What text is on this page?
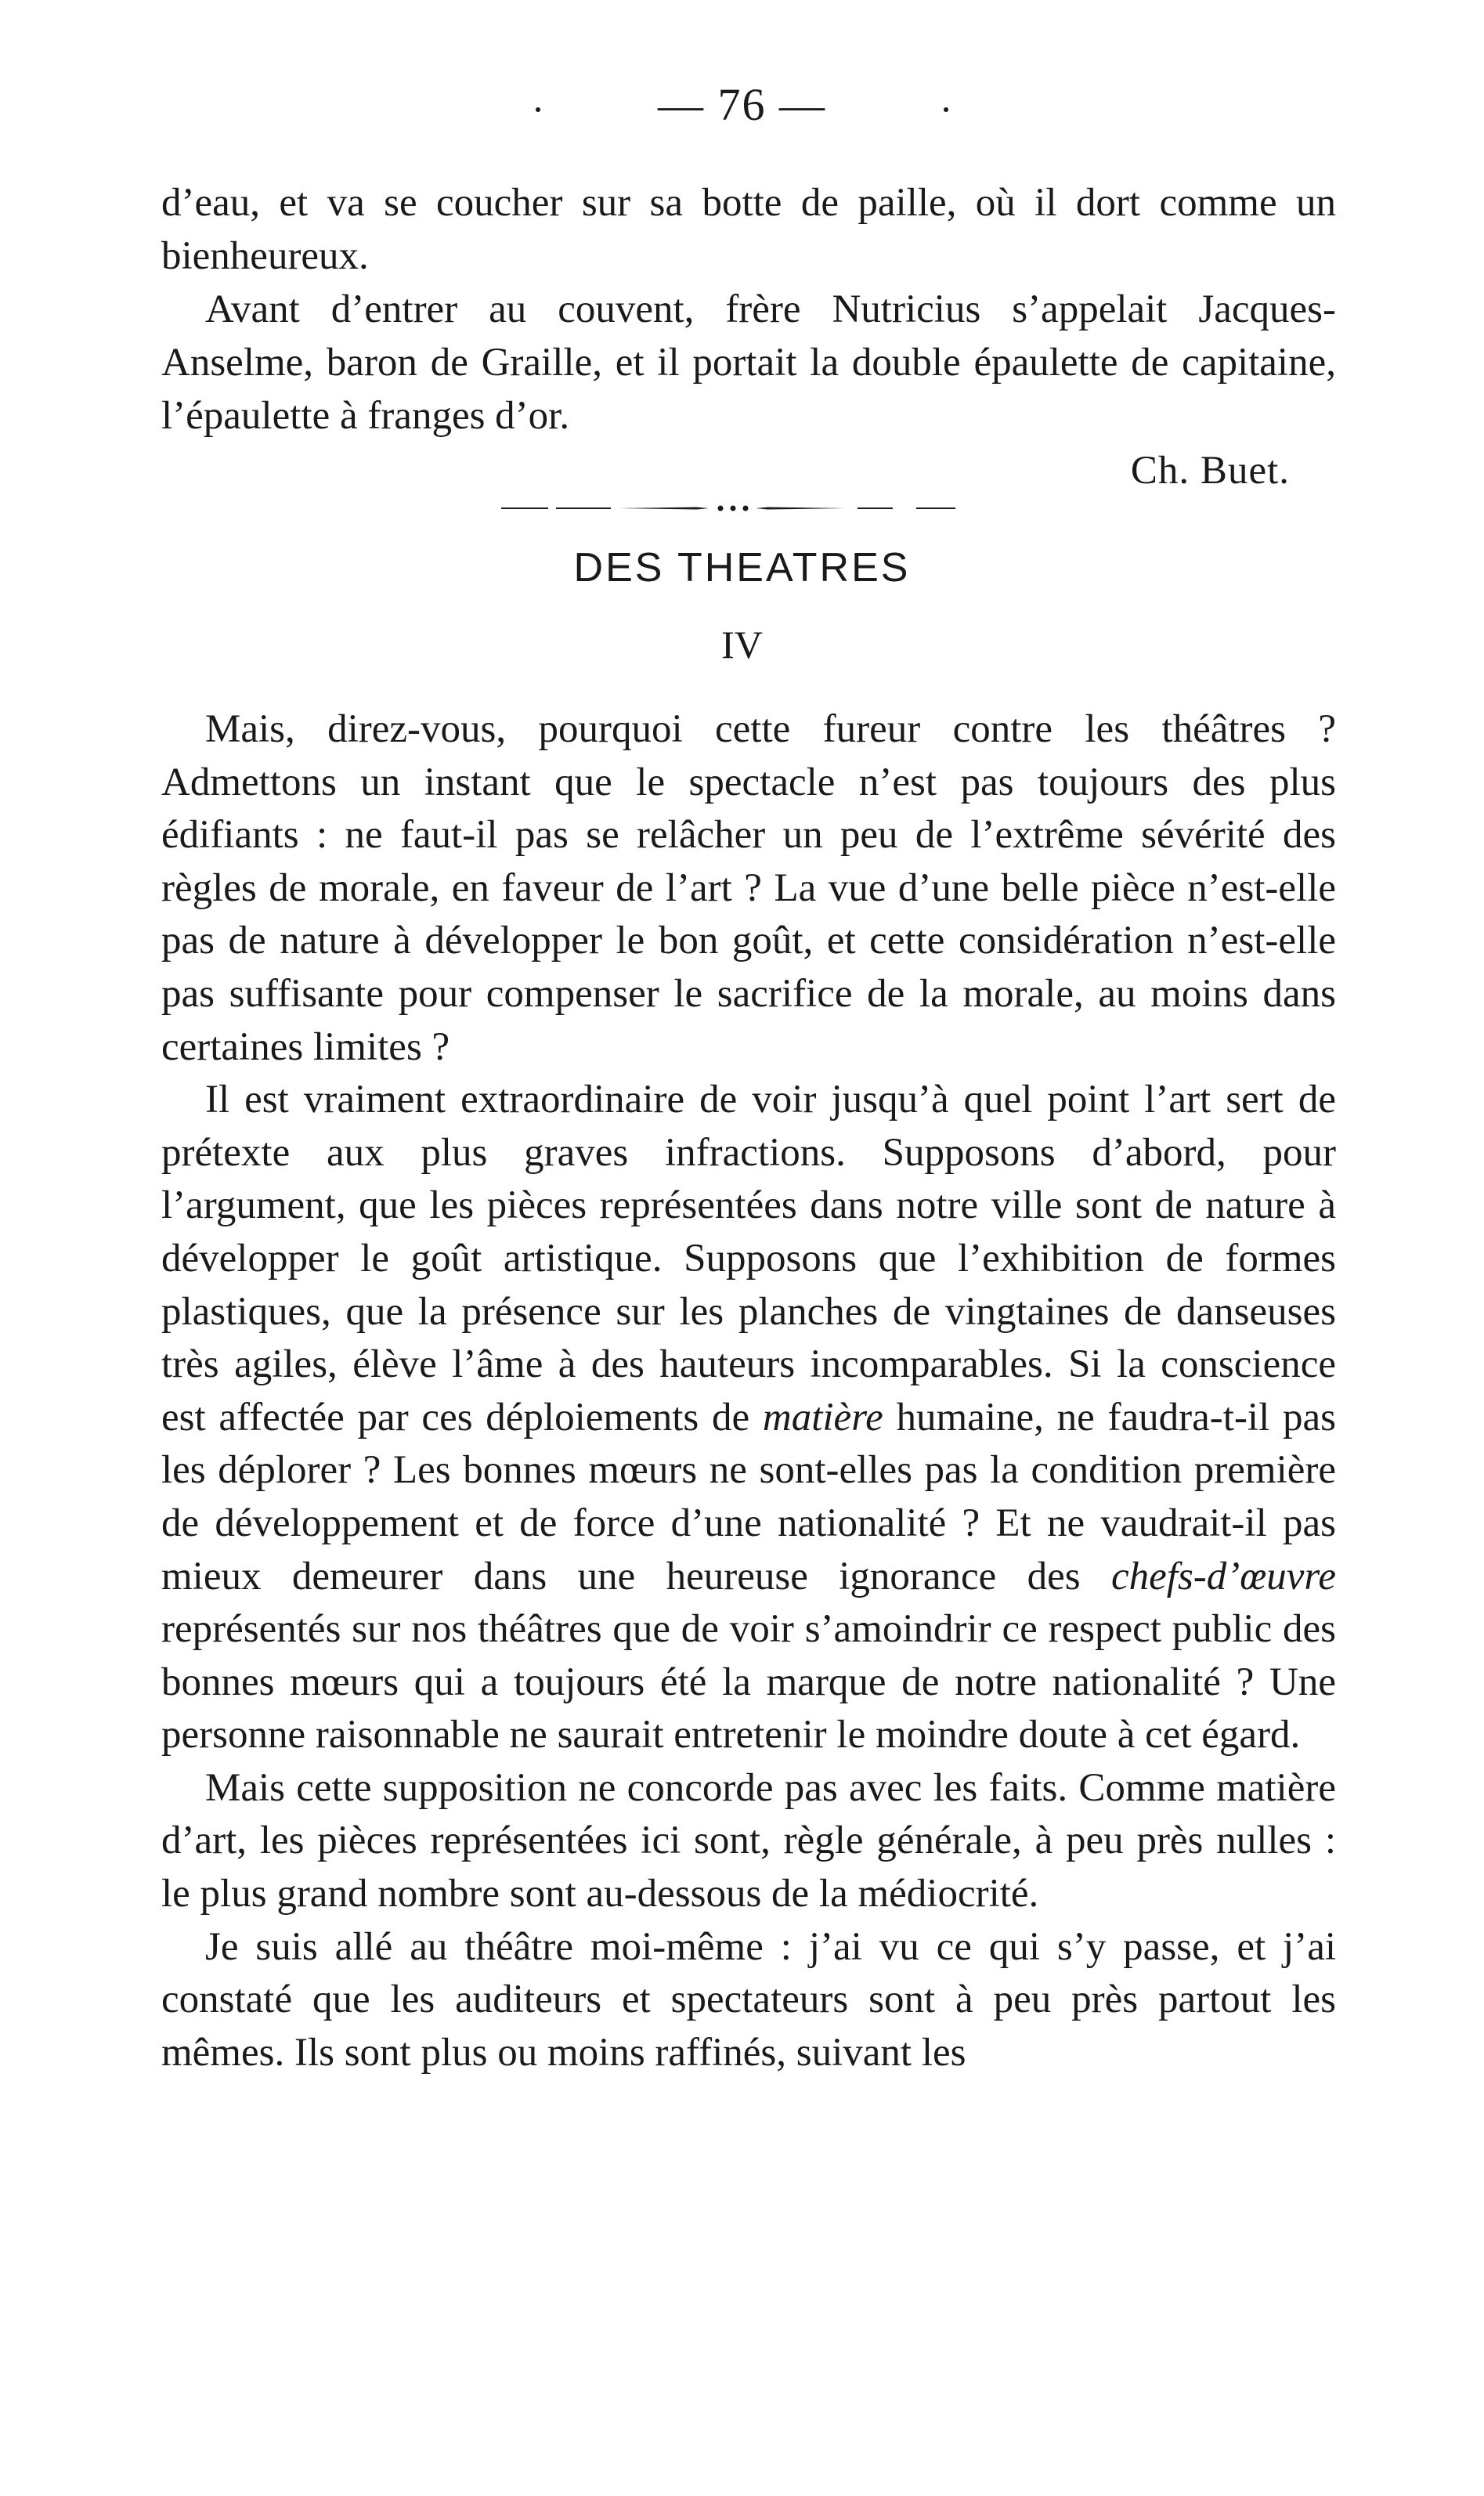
— 76 —

d’eau, et va se coucher sur sa botte de paille, où il dort comme un bienheureux.

Avant d’entrer au couvent, frère Nutricius s’appelait Jacques-Anselme, baron de Graille, et il portait la double épaulette de capitaine, l’épaulette à franges d’or.

Ch. Buet.
DES THEATRES
IV

Mais, direz-vous, pourquoi cette fureur contre les théâtres ? Admettons un instant que le spectacle n’est pas toujours des plus édifiants : ne faut-il pas se relâcher un peu de l’extrême sévérité des règles de morale, en faveur de l’art ? La vue d’une belle pièce n’est-elle pas de nature à développer le bon goût, et cette considération n’est-elle pas suffisante pour compenser le sacrifice de la morale, au moins dans certaines limites ?

Il est vraiment extraordinaire de voir jusqu’à quel point l’art sert de prétexte aux plus graves infractions. Supposons d’abord, pour l’argument, que les pièces représentées dans notre ville sont de nature à développer le goût artistique. Supposons que l’exhibition de formes plastiques, que la présence sur les planches de vingtaines de danseuses très agiles, élève l’âme à des hauteurs incomparables. Si la conscience est affectée par ces déploiements de matière humaine, ne faudra-t-il pas les déplorer ? Les bonnes mœurs ne sont-elles pas la condition première de développement et de force d’une nationalité ? Et ne vaudrait-il pas mieux demeurer dans une heureuse ignorance des chefs-d’œuvre représentés sur nos théâtres que de voir s’amoindrir ce respect public des bonnes mœurs qui a toujours été la marque de notre nationalité ? Une personne raisonnable ne saurait entretenir le moindre doute à cet égard.

Mais cette supposition ne concorde pas avec les faits. Comme matière d’art, les pièces représentées ici sont, règle générale, à peu près nulles : le plus grand nombre sont au-dessous de la médiocrité.

Je suis allé au théâtre moi-même : j’ai vu ce qui s’y passe, et j’ai constaté que les auditeurs et spectateurs sont à peu près partout les mêmes. Ils sont plus ou moins raffinés, suivant les
